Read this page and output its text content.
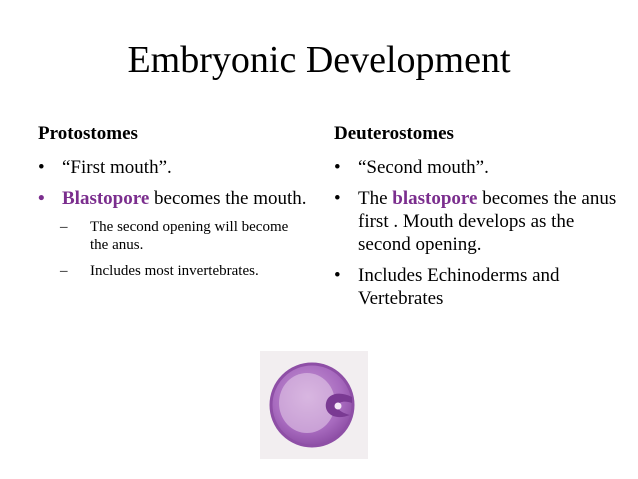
Embryonic Development
Protostomes
• “First mouth”.
• Blastopore becomes the mouth.
– The second opening will become the anus.
– Includes most invertebrates.
Deuterostomes
• “Second mouth”.
• The blastopore becomes the anus first . Mouth develops as the second opening.
• Includes Echinoderms and Vertebrates
